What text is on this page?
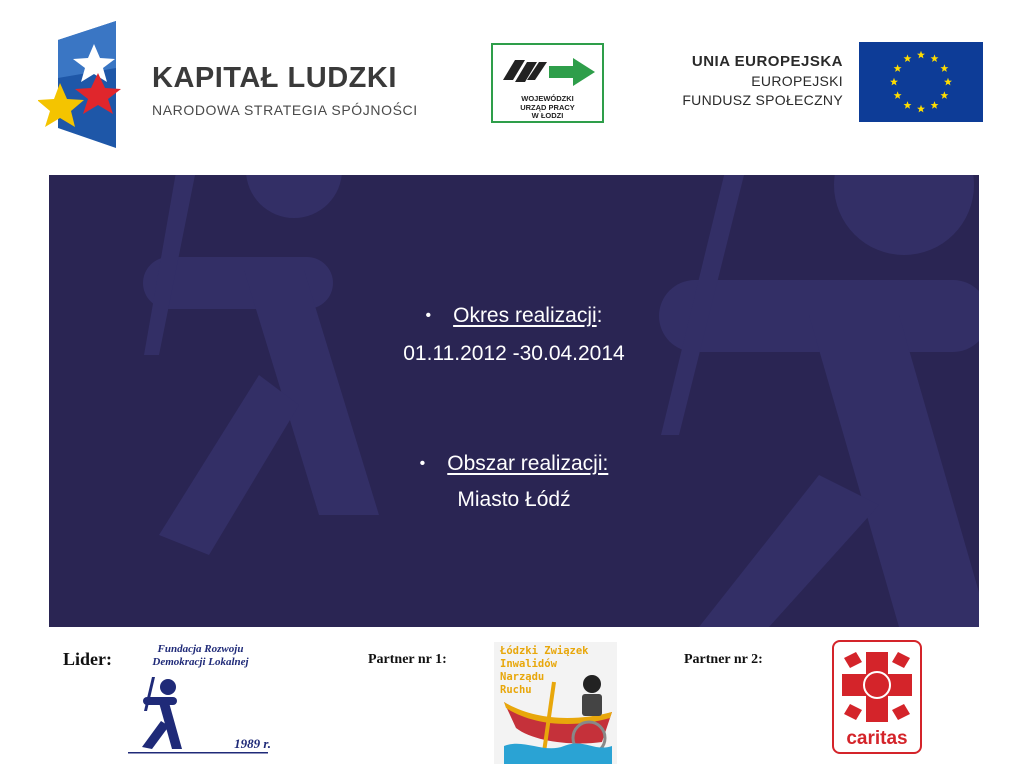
KAPITAŁ LUDZKI
NARODOWA STRATEGIA SPÓJNOŚCI
WOJEWÓDZKI
URZĄD PRACY
W ŁODZI
UNIA EUROPEJSKA
EUROPEJSKI
FUNDUSZ SPOŁECZNY
• Okres realizacji:
01.11.2012 -30.04.2014
• Obszar realizacji:
Miasto Łódź
Lider:	Fundacja Rozwoju
Demokracji Lokalnej
1989 r.
Partner nr 1:
Łódzki Związek
Inwalidów
Narządu
Ruchu
Partner nr 2:
caritas
